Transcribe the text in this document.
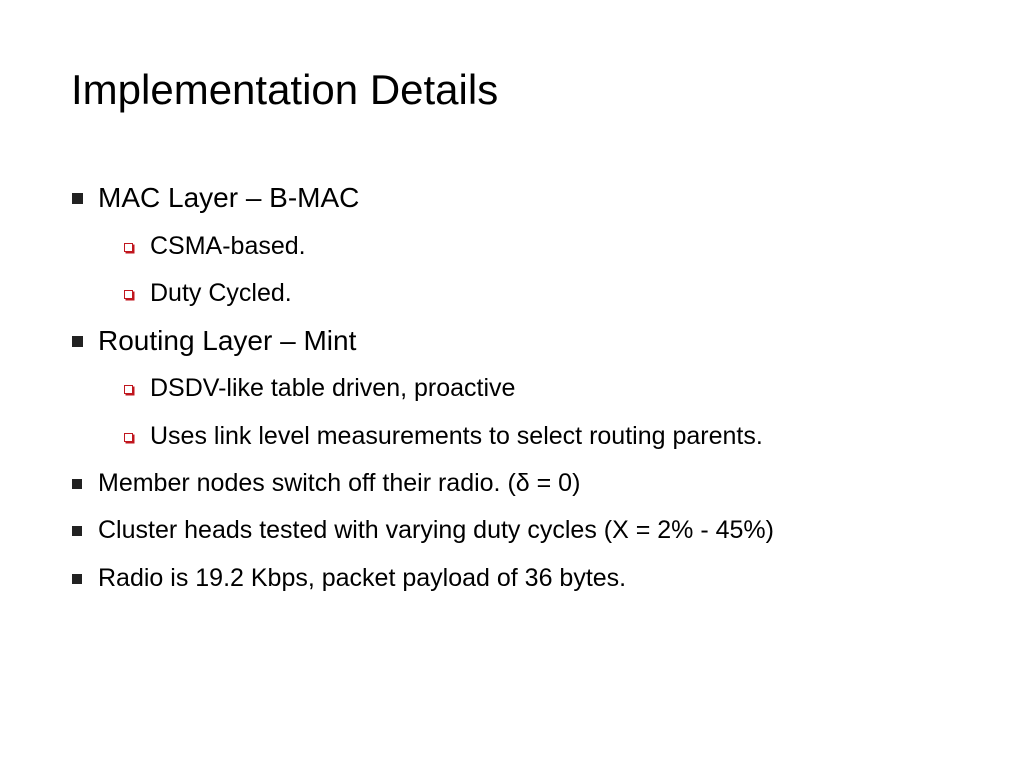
Implementation Details
MAC Layer – B-MAC
CSMA-based.
Duty Cycled.
Routing Layer – Mint
DSDV-like table driven, proactive
Uses link level measurements to select routing parents.
Member nodes switch off their radio. (δ = 0)
Cluster heads tested with varying duty cycles (X = 2% - 45%)
Radio is 19.2 Kbps, packet payload of 36 bytes.
